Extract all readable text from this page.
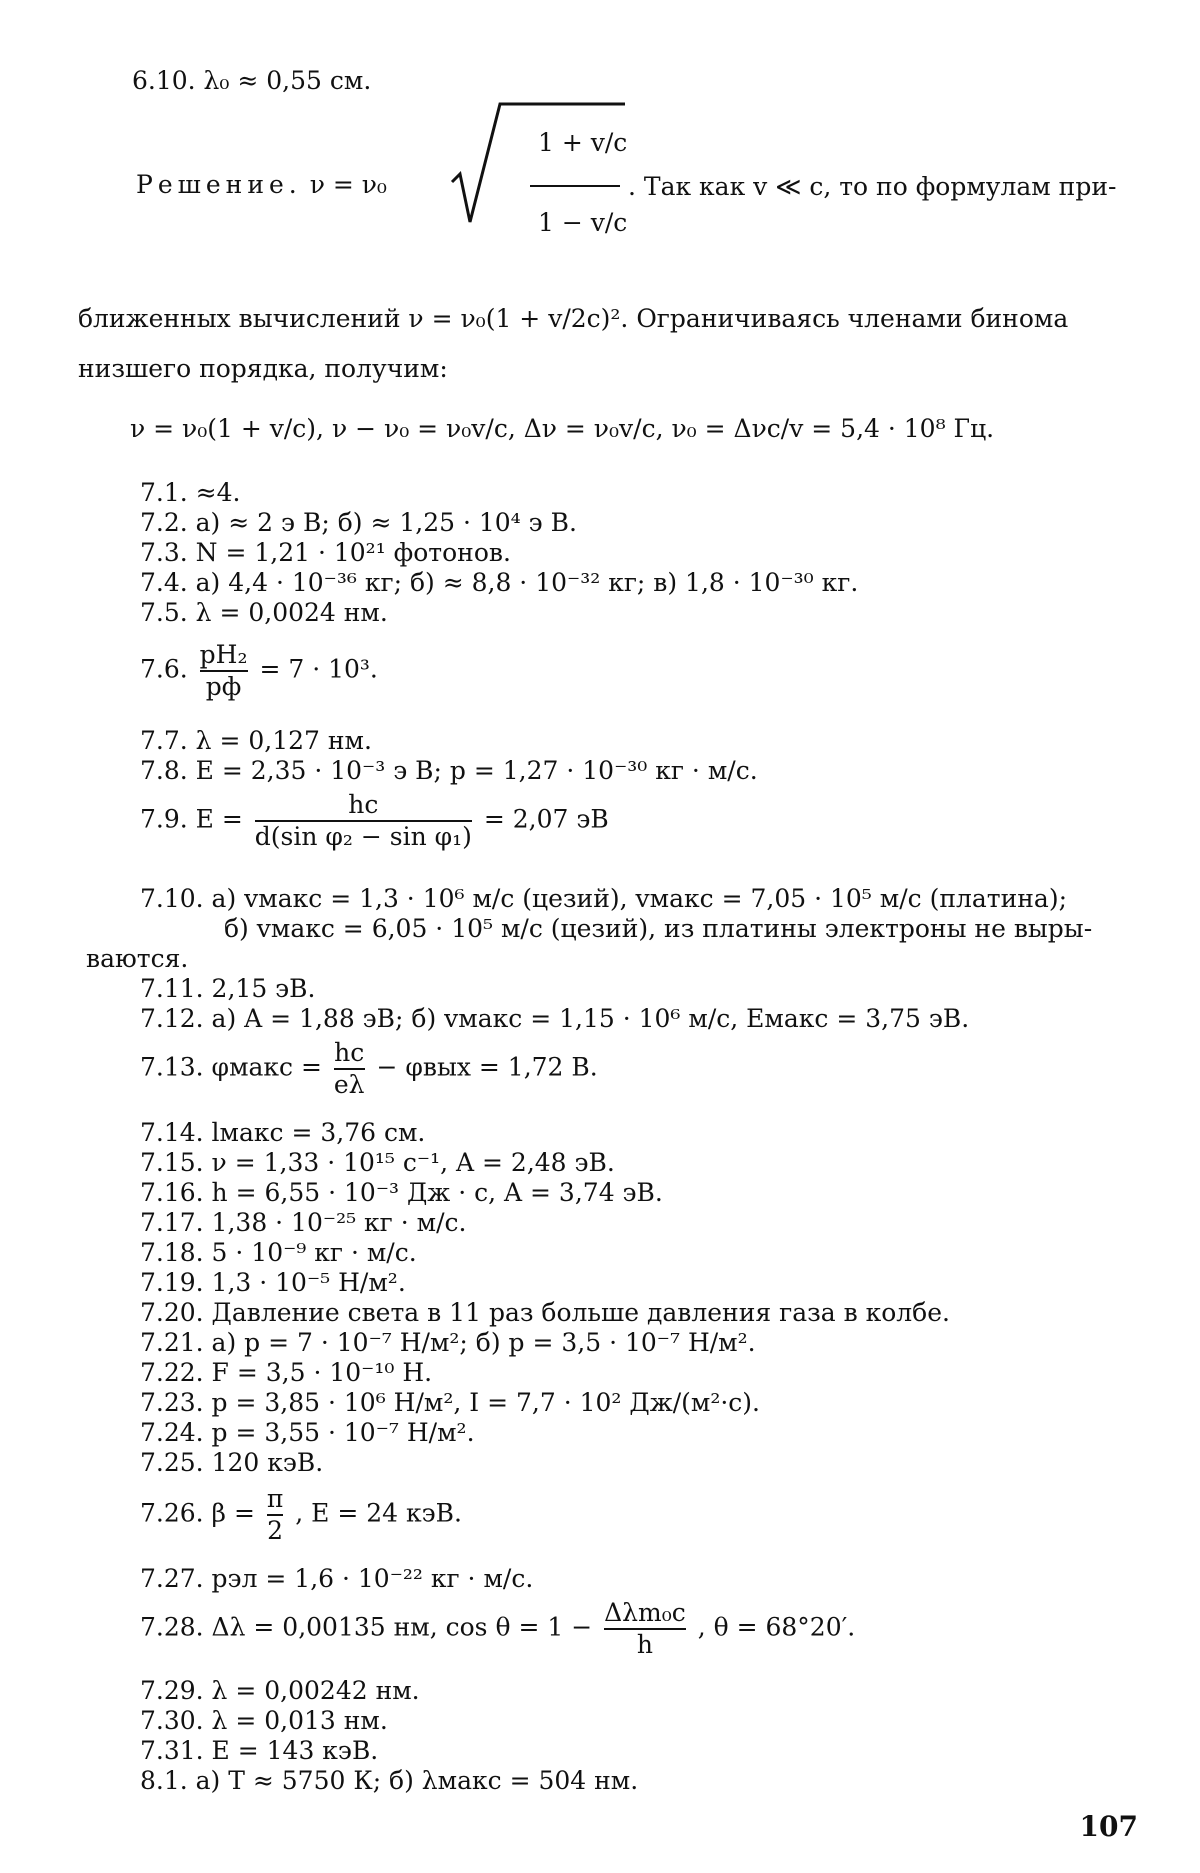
6.10. λ₀ ≈ 0,55 см.
Решение. ν = ν₀
1 + v/c
1 − v/c
. Так как v ≪ c, то по формулам при-
ближенных вычислений ν = ν₀(1 + v/2c)². Ограничиваясь членами бинома
низшего порядка, получим:
ν = ν₀(1 + v/c), ν − ν₀ = ν₀v/c, Δν = ν₀v/c, ν₀ = Δνc/v = 5,4 · 10⁸ Гц.
7.1. ≈4.
7.2. а) ≈ 2 э В; б) ≈ 1,25 · 10⁴ э В.
7.3. N = 1,21 · 10²¹ фотонов.
7.4. а) 4,4 · 10⁻³⁶ кг; б) ≈ 8,8 · 10⁻³² кг; в) 1,8 · 10⁻³⁰ кг.
7.5. λ = 0,0024 нм.
7.6. $\frac{\text{pH₂}}{pф} = 7 \cdot 10^3$.
7.7. λ = 0,127 нм.
7.8. E = 2,35 · 10⁻³ э В; p = 1,27 · 10⁻³⁰ кг · м/с.
7.9. $E = \frac{hc}{\text{d(sin φ₂ − sin φ₁)}} = 2,07$ эВ
7.10. а) vмакс = 1,3 · 10⁶ м/с (цезий), vмакс = 7,05 · 10⁵ м/с (платина);
б) vмакс = 6,05 · 10⁵ м/с (цезий), из платины электроны не выры-
ваются.
7.11. 2,15 эВ.
7.12. а) A = 1,88 эВ; б) vмакс = 1,15 · 10⁶ м/с, Eмакс = 3,75 эВ.
7.13. φмакс = $\frac{hc}{e\lambda} - \varphi вых = 1,72$ В.
7.14. lмакс = 3,76 см.
7.15. ν = 1,33 · 10¹⁵ с⁻¹, A = 2,48 эВ.
7.16. h = 6,55 · 10⁻³ Дж · с, A = 3,74 эВ.
7.17. 1,38 · 10⁻²⁵ кг · м/с.
7.18. 5 · 10⁻⁹ кг · м/с.
7.19. 1,3 · 10⁻⁵ Н/м².
7.20. Давление света в 11 раз больше давления газа в колбе.
7.21. а) p = 7 · 10⁻⁷ Н/м²; б) p = 3,5 · 10⁻⁷ Н/м².
7.22. F = 3,5 · 10⁻¹⁰ Н.
7.23. p = 3,85 · 10⁶ Н/м², I = 7,7 · 10² Дж/(м²·с).
7.24. p = 3,55 · 10⁻⁷ Н/м².
7.25. 120 кэВ.
7.26. $\beta = \frac{\pi}{2}$ , E = 24 кэВ.
7.27. pэл = 1,6 · 10⁻²² кг · м/с.
7.28. Δλ = 0,00135 нм, $\cos \theta = 1 - \frac{\text{Δλm₀c}}{h}$ , θ = 68°20′.
7.29. λ = 0,00242 нм.
7.30. λ = 0,013 нм.
7.31. E = 143 кэВ.
8.1. а) T ≈ 5750 К; б) λмакс = 504 нм.
107
